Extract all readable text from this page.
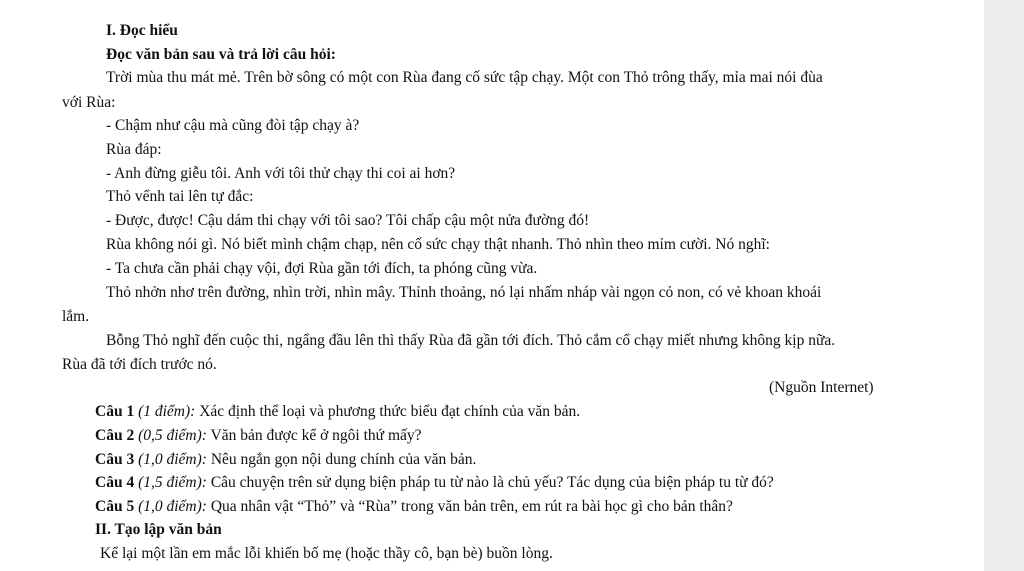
I. Đọc hiểu
Đọc văn bản sau và trả lời câu hỏi:
Trời mùa thu mát mẻ. Trên bờ sông có một con Rùa đang cố sức tập chạy. Một con Thỏ trông thấy, mỉa mai nói đùa
với Rùa:
- Chậm như cậu mà cũng đòi tập chạy à?
Rùa đáp:
- Anh đừng giễu tôi. Anh với tôi thử chạy thi coi ai hơn?
Thỏ vểnh tai lên tự đắc:
- Được, được! Cậu dám thi chạy với tôi sao? Tôi chấp cậu một nửa đường đó!
Rùa không nói gì. Nó biết mình chậm chạp, nên cố sức chạy thật nhanh. Thỏ nhìn theo mỉm cười. Nó nghĩ:
- Ta chưa cần phải chạy vội, đợi Rùa gần tới đích, ta phóng cũng vừa.
Thỏ nhởn nhơ trên đường, nhìn trời, nhìn mây. Thỉnh thoảng, nó lại nhấm nháp vài ngọn cỏ non, có vẻ khoan khoái
lắm.
Bỗng Thỏ nghĩ đến cuộc thi, ngẩng đầu lên thì thấy Rùa đã gần tới đích. Thỏ cắm cổ chạy miết nhưng không kịp nữa.
Rùa đã tới đích trước nó.
(Nguồn Internet)
Câu 1 (1 điểm): Xác định thể loại và phương thức biểu đạt chính của văn bản.
Câu 2 (0,5 điểm): Văn bản được kể ở ngôi thứ mấy?
Câu 3 (1,0 điểm): Nêu ngắn gọn nội dung chính của văn bản.
Câu 4 (1,5 điểm): Câu chuyện trên sử dụng biện pháp tu từ nào là chủ yếu? Tác dụng của biện pháp tu từ đó?
Câu 5 (1,0 điểm): Qua nhân vật “Thỏ” và “Rùa” trong văn bản trên, em rút ra bài học gì cho bản thân?
II. Tạo lập văn bản
Kể lại một lần em mắc lỗi khiến bố mẹ (hoặc thầy cô, bạn bè) buồn lòng.
